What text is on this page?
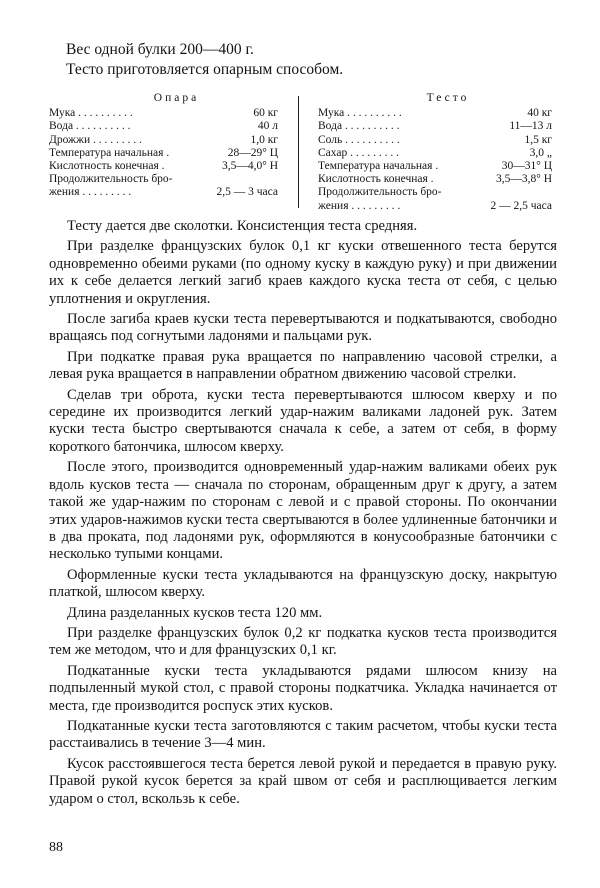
Вес одной булки 200—400 г.

Тесто приготовляется опарным способом.

Опара
Мука . . . . . . . . . .	60 кг
Вода . . . . . . . . . .	40 л
Дрожжи . . . . . . . . .	1,0 кг
Температура начальная .	28—29° Ц
Кислотность конечная .	3,5—4,0° Н
Продолжительность бро-
жения . . . . . . . . .	2,5 — 3 часа
Тесто
Мука . . . . . . . . . .	40 кг
Вода . . . . . . . . . .	11—13 л
Соль . . . . . . . . . .	1,5 кг
Сахар . . . . . . . . .	3,0 „
Температура начальная .	30—31° Ц
Кислотность конечная .	3,5—3,8° Н
Продолжительность бро-
жения . . . . . . . . .	2 — 2,5 часа

Тесту дается две сколотки. Консистенция теста средняя.

При разделке французских булок 0,1 кг куски отвешенного теста берутся одновременно обеими руками (по одному куску в каждую руку) и при движении их к себе делается легкий загиб краев каждого куска теста от себя, с целью уплотнения и округления.

После загиба краев куски теста перевертываются и подкатываются, свободно вращаясь под согнутыми ладонями и пальцами рук.

При подкатке правая рука вращается по направлению часовой стрелки, а левая рука вращается в направлении обратном движению часовой стрелки.

Сделав три оброта, куски теста перевертываются шлюсом кверху и по середине их производится легкий удар-нажим валиками ладоней рук. Затем куски теста быстро свертываются сначала к себе, а затем от себя, в форму короткого батончика, шлюсом кверху.

После этого, производится одновременный удар-нажим валиками обеих рук вдоль кусков теста — сначала по сторонам, обращенным друг к другу, а затем такой же удар-нажим по сторонам с левой и с правой стороны. По окончании этих ударов-нажимов куски теста свертываются в более удлиненные батончики и в два проката, под ладонями рук, оформляются в конусообразные батончики с несколько тупыми концами.

Оформленные куски теста укладываются на французскую доску, накрытую платкой, шлюсом кверху.

Длина разделанных кусков теста 120 мм.

При разделке французских булок 0,2 кг подкатка кусков теста производится тем же методом, что и для французских 0,1 кг.

Подкатанные куски теста укладываются рядами шлюсом книзу на подпыленный мукой стол, с правой стороны подкатчика. Укладка начинается от места, где производится роспуск этих кусков.

Подкатанные куски теста заготовляются с таким расчетом, чтобы куски теста расстаивались в течение 3—4 мин.

Кусок расстоявшегося теста берется левой рукой и передается в правую руку. Правой рукой кусок берется за край швом от себя и расплющивается легким ударом о стол, вскользь к себе.

88
